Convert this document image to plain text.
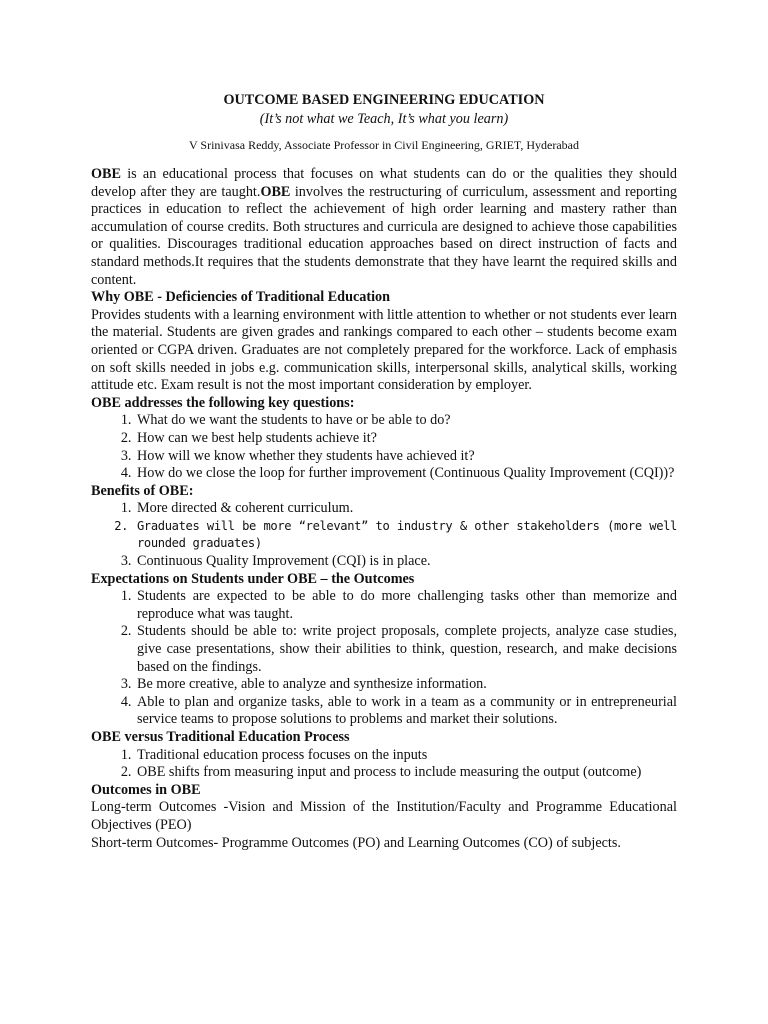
OUTCOME BASED ENGINEERING EDUCATION
(It’s not what we Teach, It’s what you learn)
V Srinivasa Reddy, Associate Professor in Civil Engineering, GRIET, Hyderabad

OBE is an educational process that focuses on what students can do or the qualities they should develop after they are taught.OBE involves the restructuring of curriculum, assessment and reporting practices in education to reflect the achievement of high order learning and mastery rather than accumulation of course credits. Both structures and curricula are designed to achieve those capabilities or qualities. Discourages traditional education approaches based on direct instruction of facts and standard methods.It requires that the students demonstrate that they have learnt the required skills and content.

Why OBE - Deficiencies of Traditional Education

Provides students with a learning environment with little attention to whether or not students ever learn the material. Students are given grades and rankings compared to each other – students become exam oriented or CGPA driven. Graduates are not completely prepared for the workforce. Lack of emphasis on soft skills needed in jobs e.g. communication skills, interpersonal skills, analytical skills, working attitude etc. Exam result is not the most important consideration by employer.

OBE addresses the following key questions:
1. What do we want the students to have or be able to do?
2. How can we best help students achieve it?
3. How will we know whether they students have achieved it?
4. How do we close the loop for further improvement (Continuous Quality Improvement (CQI))?
Benefits of OBE:
1. More directed & coherent curriculum.
2. Graduates will be more “relevant” to industry & other stakeholders (more well rounded graduates)
3. Continuous Quality Improvement (CQI) is in place.
Expectations on Students under OBE – the Outcomes
1. Students are expected to be able to do more challenging tasks other than memorize and reproduce what was taught.
2. Students should be able to: write project proposals, complete projects, analyze case studies, give case presentations, show their abilities to think, question, research, and make decisions based on the findings.
3. Be more creative, able to analyze and synthesize information.
4. Able to plan and organize tasks, able to work in a team as a community or in entrepreneurial service teams to propose solutions to problems and market their solutions.
OBE versus Traditional Education Process
1. Traditional education process focuses on the inputs
2. OBE shifts from measuring input and process to include measuring the output (outcome)
Outcomes in OBE

Long-term Outcomes -Vision and Mission of the Institution/Faculty and Programme Educational Objectives (PEO)

Short-term Outcomes- Programme Outcomes (PO) and Learning Outcomes (CO) of subjects.
